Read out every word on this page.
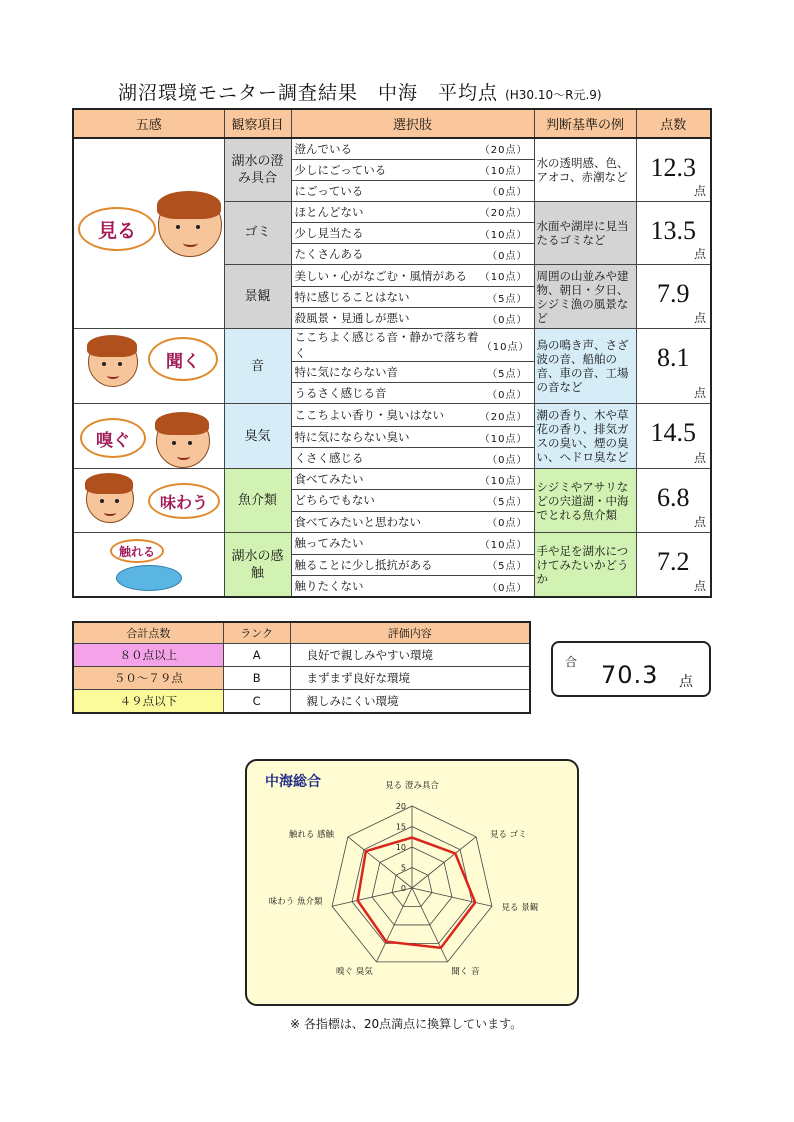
湖沼環境モニター調査結果　中海　平均点 (H30.10～R元.9)
五感	観察項目	選択肢	判断基準の例	点数

見る	湖水の澄み具合	澄んでいる （20点）	水の透明感、色、アオコ、赤潮など	12.3
点

		少しにごっている （10点）		

		にごっている （0点）		

	ゴミ	ほとんどない （20点）	水面や湖岸に見当たるゴミなど	13.5
点

		少し見当たる （10点）		

		たくさんある （0点）		

	景観	美しい・心がなごむ・風情がある （10点）	周囲の山並みや建物、朝日・夕日、シジミ漁の風景など	7.9
点

		特に感じることはない （5点）		

		殺風景・見通しが悪い （0点）		

聞く	音	ここちよく感じる音・静かで落ち着く （10点）	鳥の鳴き声、さざ波の音、船舶の音、車の音、工場の音など	8.1
点

		特に気にならない音 （5点）		

		うるさく感じる音 （0点）		

嗅ぐ	臭気	ここちよい香り・臭いはない （20点）	潮の香り、木や草花の香り、排気ガスの臭い、煙の臭い、ヘドロ臭など	14.5
点

		特に気にならない臭い （10点）		

		くさく感じる （0点）		

味わう	魚介類	食べてみたい （10点）	シジミやアサリなどの宍道湖・中海でとれる魚介類	6.8
点

		どちらでもない （5点）		

		食べてみたいと思わない （0点）		

触れる	湖水の感触	触ってみたい （10点）	手や足を湖水につけてみたいかどうか	7.2
点

		触ることに少し抵抗がある （5点）		

		触りたくない （0点）		
合計点数	ランク	評価内容
８０点以上	A	良好で親しみやすい環境
５０～７９点	B	まずまず良好な環境
４９点以下	C	親しみにくい環境
合 70.3 点
中海総合
0
5
10
15
20
見る 澄み具合
見る ゴミ
見る 景観
聞く 音
嗅ぐ 臭気
味わう 魚介類
触れる 感触
※ 各指標は、20点満点に換算しています。
